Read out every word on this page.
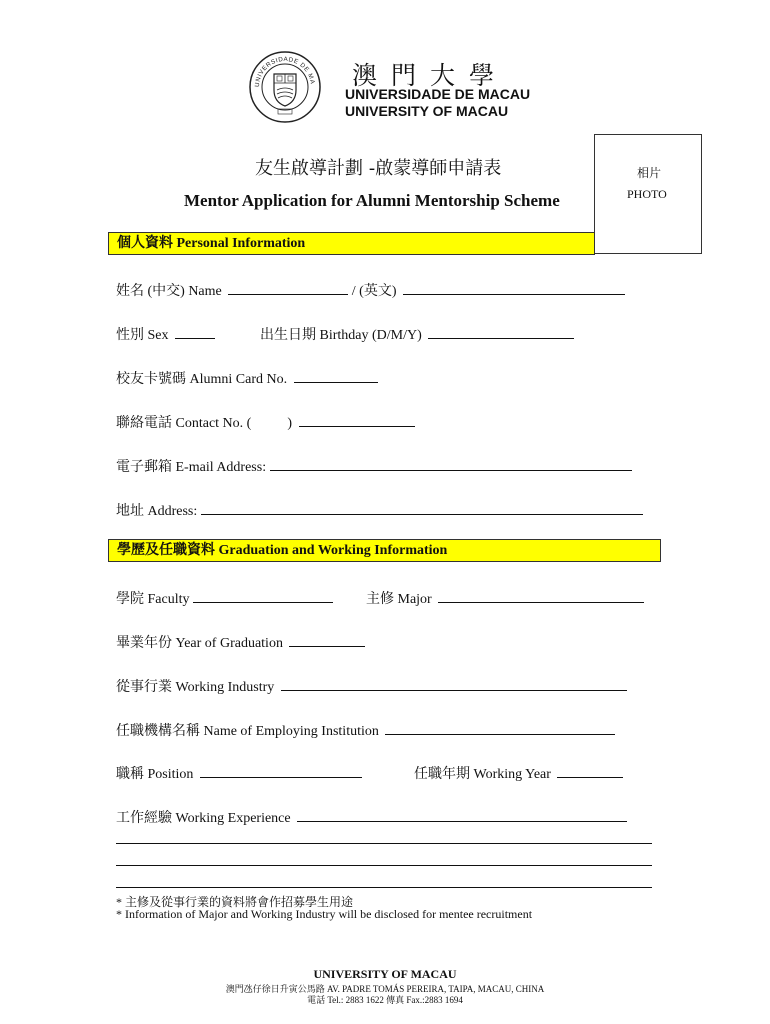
UNIVERSIDADE DE MA 澳門大學
UNIVERSIDADE DE MACAU
UNIVERSITY OF MACAU
友生啟導計劃 -啟蒙導師申請表
Mentor Application for Alumni Mentorship Scheme
相片
PHOTO
個人資料 Personal Information
姓名 (中交) Name	/ (英文)
性別 Sex	出生日期 Birthday (D/M/Y)
校友卡號碼 Alumni Card No.
聯絡電話 Contact No. (	)
電子郵箱 E-mail Address:
地址 Address:
學歷及任職資料 Graduation and Working Information
學院 Faculty	主修 Major
畢業年份 Year of Graduation
從事行業 Working Industry
任職機構名稱 Name of Employing Institution
職稱 Position	任職年期 Working Year
工作經驗 Working Experience
* 主修及從事行業的資料將會作招募學生用途
* Information of Major and Working Industry will be disclosed for mentee recruitment
UNIVERSITY OF MACAU
澳門氹仔徐日升寅公馬路 AV. PADRE TOMÁS PEREIRA, TAIPA, MACAU, CHINA
電話 Tel.: 2883 1622 傳真 Fax.:2883 1694
